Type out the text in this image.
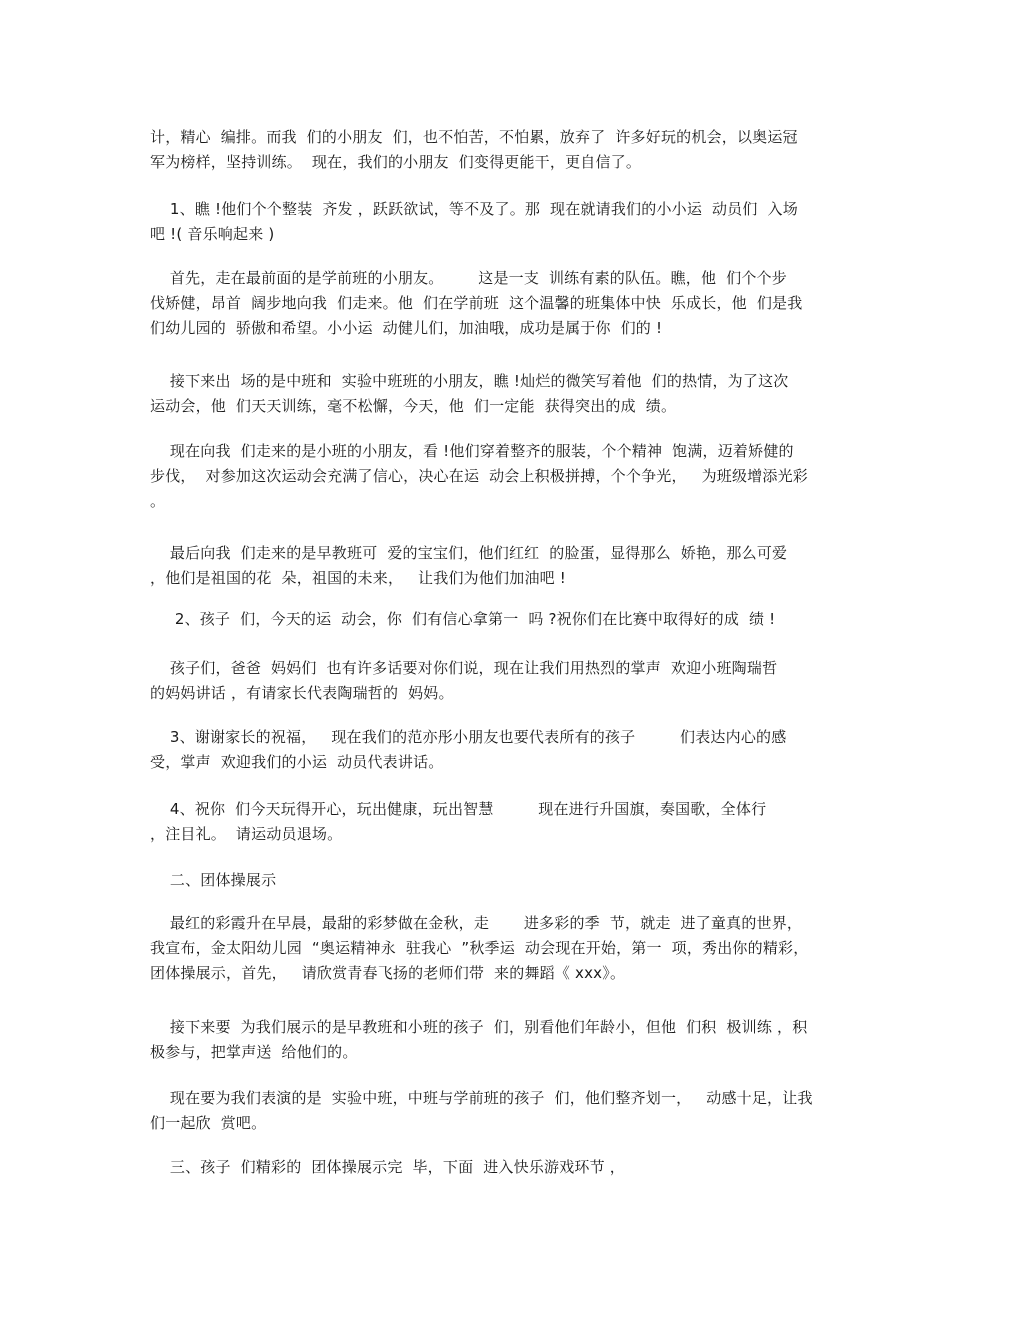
计，精心  编排。而我  们的小朋友  们，也不怕苦，不怕累，放弃了  许多好玩的机会，以奥运冠
军为榜样，坚持训练。  现在，我们的小朋友  们变得更能干，更自信了。
1、瞧 !他们个个整装  齐发 ，跃跃欲试，等不及了。那  现在就请我们的小小运  动员们  入场
吧 !( 音乐响起来 )
首先，走在最前面的是学前班的小朋友。       这是一支  训练有素的队伍。瞧，他  们个个步
伐矫健，昂首  阔步地向我  们走来。他  们在学前班  这个温馨的班集体中快  乐成长，他  们是我
们幼儿园的  骄傲和希望。小小运  动健儿们，加油哦，成功是属于你  们的 !
接下来出  场的是中班和  实验中班班的小朋友，瞧 !灿烂的微笑写着他  们的热情，为了这次
运动会，他  们天天训练，毫不松懈，今天，他  们一定能  获得突出的成  绩。
现在向我  们走来的是小班的小朋友，看 !他们穿着整齐的服装，个个精神  饱满，迈着矫健的
步伐，  对参加这次运动会充满了信心，决心在运  动会上积极拼搏，个个争光，   为班级增添光彩
。
最后向我  们走来的是早教班可  爱的宝宝们，他们红红  的脸蛋，显得那么  娇艳，那么可爱
，他们是祖国的花  朵，祖国的未来，   让我们为他们加油吧 !
2、孩子  们，今天的运  动会，你  们有信心拿第一  吗 ?祝你们在比赛中取得好的成  绩 !
孩子们，爸爸  妈妈们  也有许多话要对你们说，现在让我们用热烈的掌声  欢迎小班陶瑞哲
的妈妈讲话 ，有请家长代表陶瑞哲的  妈妈。
3、谢谢家长的祝福，   现在我们的范亦彤小朋友也要代表所有的孩子         们表达内心的感
受，掌声  欢迎我们的小运  动员代表讲话。
4、祝你  们今天玩得开心，玩出健康，玩出智慧         现在进行升国旗，奏国歌，全体行
，注目礼。  请运动员退场。
二、团体操展示
最红的彩霞升在早晨，最甜的彩梦做在金秋，走       进多彩的季  节，就走  进了童真的世界，
我宣布，金太阳幼儿园  “奥运精神永  驻我心  ”秋季运  动会现在开始，第一  项，秀出你的精彩，
团体操展示，首先，   请欣赏青春飞扬的老师们带  来的舞蹈《 xxx》。
接下来要  为我们展示的是早教班和小班的孩子  们，别看他们年龄小，但他  们积  极训练 ，积
极参与，把掌声送  给他们的。
现在要为我们表演的是  实验中班，中班与学前班的孩子  们，他们整齐划一，   动感十足，让我
们一起欣  赏吧。
三、孩子  们精彩的  团体操展示完  毕，下面  进入快乐游戏环节 ，
